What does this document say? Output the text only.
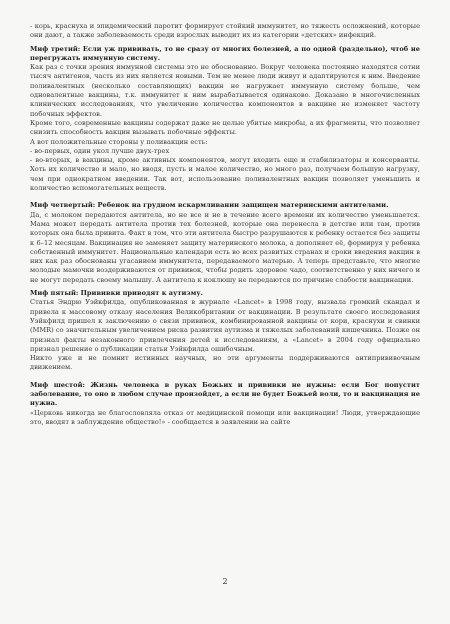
- корь, краснуха и эпидемический паротит формирует стойкий иммунитет, но тяжесть осложнений, которые они дают, а также заболеваемость среди взрослых выводит их из категории «детских» инфекций.

Миф третий: Если уж прививать, то не сразу от многих болезней, а по одной (раздельно), чтоб не перегружать иммунную систему.

Как раз с точки зрения иммунной системы это не обоснованно. Вокруг человека постоянно находятся сотни тысяч антигенов, часть из них является новыми. Тем не менее люди живут и адаптируются к ним. Введение поливалентных (несколько составляющих) вакцин не нагружает иммунную систему больше, чем одновалентные вакцины, т.к. иммунитет к ним вырабатывается одинаково. Доказано в многочисленных клинических исследованиях, что увеличение количества компонентов в вакцине не изменяет частоту побочных эффектов.

Кроме того, современные вакцины содержат даже не целые убитые микробы, а их фрагменты, что позволяет снизить способность вакцин вызывать побочные эффекты.

А вот положительные стороны у поливакцин есть:

- во-первых, один укол лучше двух-трех

- во-вторых, в вакцины, кроме активных компонентов, могут входить еще и стабилизаторы и консерванты. Хоть их количество и мало, но вводя, пусть и малое количество, но много раз, получаем большую нагрузку, чем при однократном введении. Так вот, использование поливалентных вакцин позволяет уменьшить и количество вспомогательных веществ.

Миф четвертый: Ребенок на грудном вскармливании защищен материнскими антителами.

Да, с молоком передаются антитела, но не все и не в течение всего времени их количество уменьшается. Мама может передать антитела против тех болезней, которые она перенесла в детстве или там, против которых она была привита. Факт в том, что эти антитела быстро разрушаются к ребенку остается без защиты к 6–12 месяцам. Вакцинация не заменяет защиту материнского молока, а дополняет её, формируя у ребенка собственный иммунитет. Национальные календари есть во всех развитых странах и сроки введения вакцин в них как раз обоснованы угасанием иммунитета, передаваемого матерью. А теперь представьте, что многие молодые мамочки воздерживаются от прививок, чтобы родить здоровое чадо, соответственно у них ничего и не могут передать своему малышу. А антитела к коклюшу не передаются по причине слабости вакцинации.

Миф пятый: Прививки приводят к аутизму.

Статья Эндрю Уэйкфилда, опубликованная в журнале «Lancet» в 1998 году, вызвала громкий скандал и привела к массовому отказу населения Великобритании от вакцинации. В результате своего исследования Уэйкфилд пришел к заключению о связи прививок, комбинированной вакцины от кори, краснухи и свинки (MMR) со значительным увеличением риска развития аутизма и тяжелых заболеваний кишечника. Позже он признал факты незаконного привлечения детей к исследованиям, а «Lancet» в 2004 году официально признал решение о публикации статьи Уэйкфилда ошибочным.

Никто уже и не помнит истинных научных, но эти аргументы поддерживаются антипрививочным движением.

Миф шестой: Жизнь человека в руках Божьих и прививки не нужны: если Бог попустит заболевание, то оно в любом случае произойдет, а если не будет Божьей воли, то и вакцинация не нужна.

«Церковь никогда не благословляла отказ от медицинской помощи или вакцинации! Люди, утверждающие это, вводят в заблуждение общество!» - сообщается в заявлении на сайте

2
